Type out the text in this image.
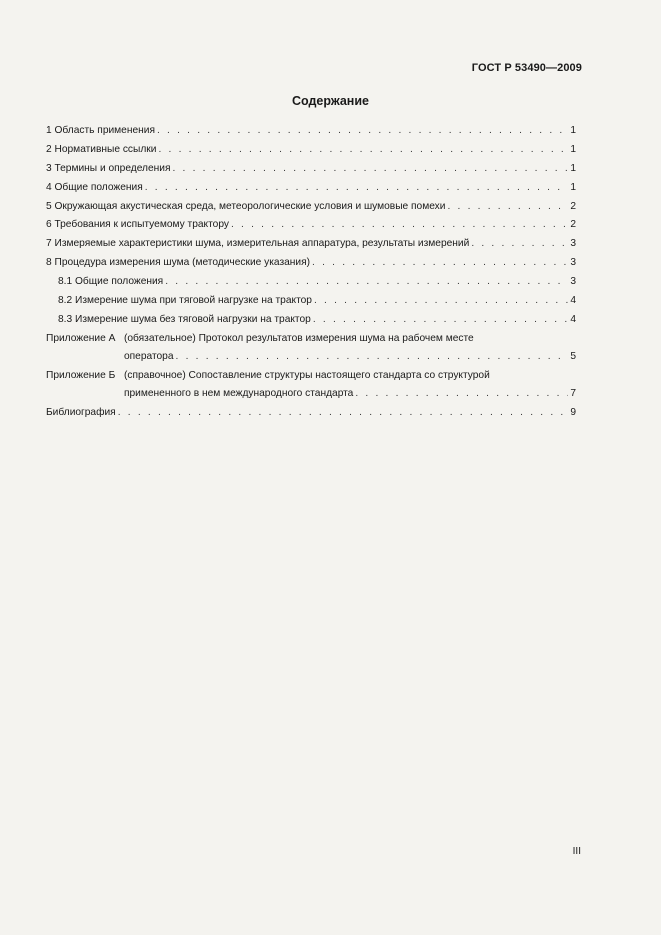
ГОСТ Р 53490—2009
Содержание
1 Область применения . . .	1
2 Нормативные ссылки . . .	1
3 Термины и определения . . .	1
4 Общие положения . . .	1
5 Окружающая акустическая среда, метеорологические условия и шумовые помехи . . .	2
6 Требования к испытуемому трактору . . .	2
7 Измеряемые характеристики шума, измерительная аппаратура, результаты измерений . . .	3
8 Процедура измерения шума (методические указания) . . .	3
8.1 Общие положения . . .	3
8.2 Измерение шума при тяговой нагрузке на трактор . . .	4
8.3 Измерение шума без тяговой нагрузки на трактор . . .	4
Приложение А (обязательное) Протокол результатов измерения шума на рабочем месте
оператора . . .	5
Приложение Б (справочное) Сопоставление структуры настоящего стандарта со структурой
примененного в нем международного стандарта . . .	7
Библиография . . .	9
III
